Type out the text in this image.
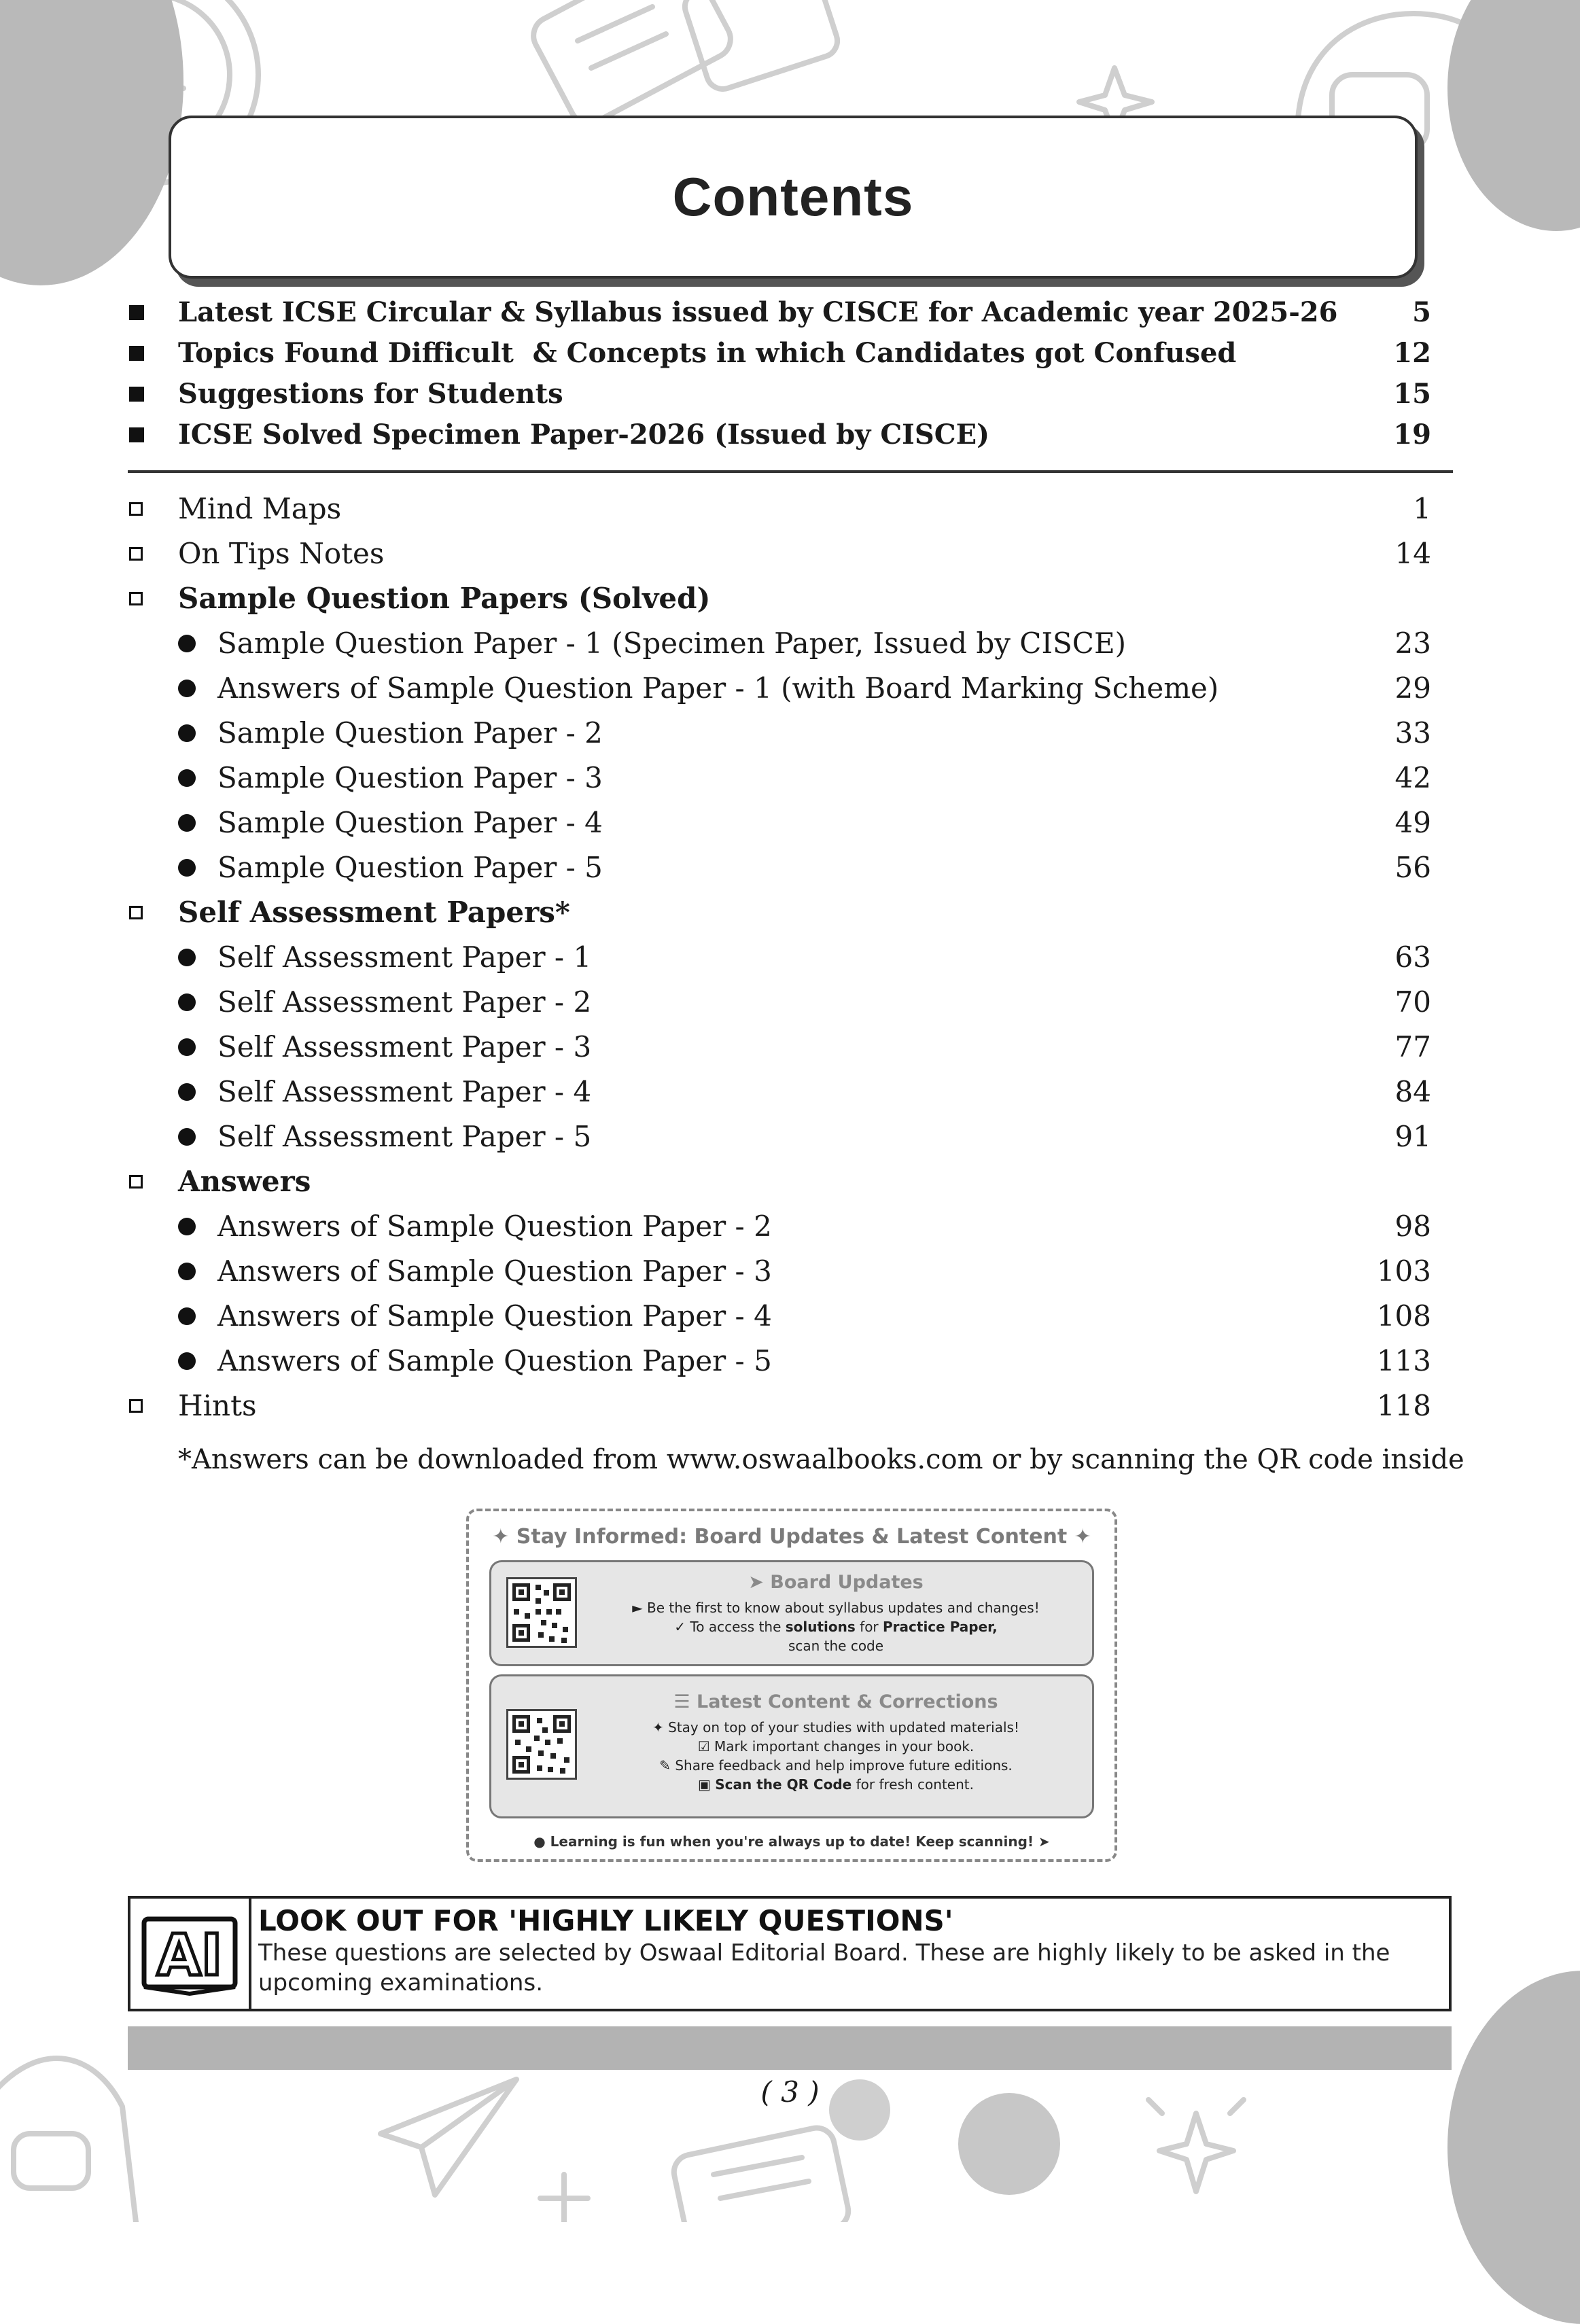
Contents
Latest ICSE Circular & Syllabus issued by CISCE for Academic year 2025-26	5
Topics Found Difficult  & Concepts in which Candidates got Confused	12
Suggestions for Students	15
ICSE Solved Specimen Paper-2026 (Issued by CISCE)	19
Mind Maps	1
On Tips Notes	14
Sample Question Papers (Solved)
Sample Question Paper - 1 (Specimen Paper, Issued by CISCE)	23
Answers of Sample Question Paper - 1 (with Board Marking Scheme)	29
Sample Question Paper - 2	33
Sample Question Paper - 3	42
Sample Question Paper - 4	49
Sample Question Paper - 5	56
Self Assessment Papers*
Self Assessment Paper - 1	63
Self Assessment Paper - 2	70
Self Assessment Paper - 3	77
Self Assessment Paper - 4	84
Self Assessment Paper - 5	91
Answers
Answers of Sample Question Paper - 2	98
Answers of Sample Question Paper - 3	103
Answers of Sample Question Paper - 4	108
Answers of Sample Question Paper - 5	113
Hints	118
*Answers can be downloaded from www.oswaalbooks.com or by scanning the QR code inside
✦ Stay Informed: Board Updates & Latest Content ✦
➤ Board Updates
► Be the first to know about syllabus updates and changes!
✓ To access the solutions for Practice Paper,
scan the code
☰ Latest Content & Corrections
✦ Stay on top of your studies with updated materials!
☑ Mark important changes in your book.
✎ Share feedback and help improve future editions.
▣ Scan the QR Code for fresh content.
● Learning is fun when you're always up to date! Keep scanning! ➤
AI
LOOK OUT FOR 'HIGHLY LIKELY QUESTIONS'
These questions are selected by Oswaal Editorial Board. These are highly likely to be asked in the upcoming examinations.
( 3 )
